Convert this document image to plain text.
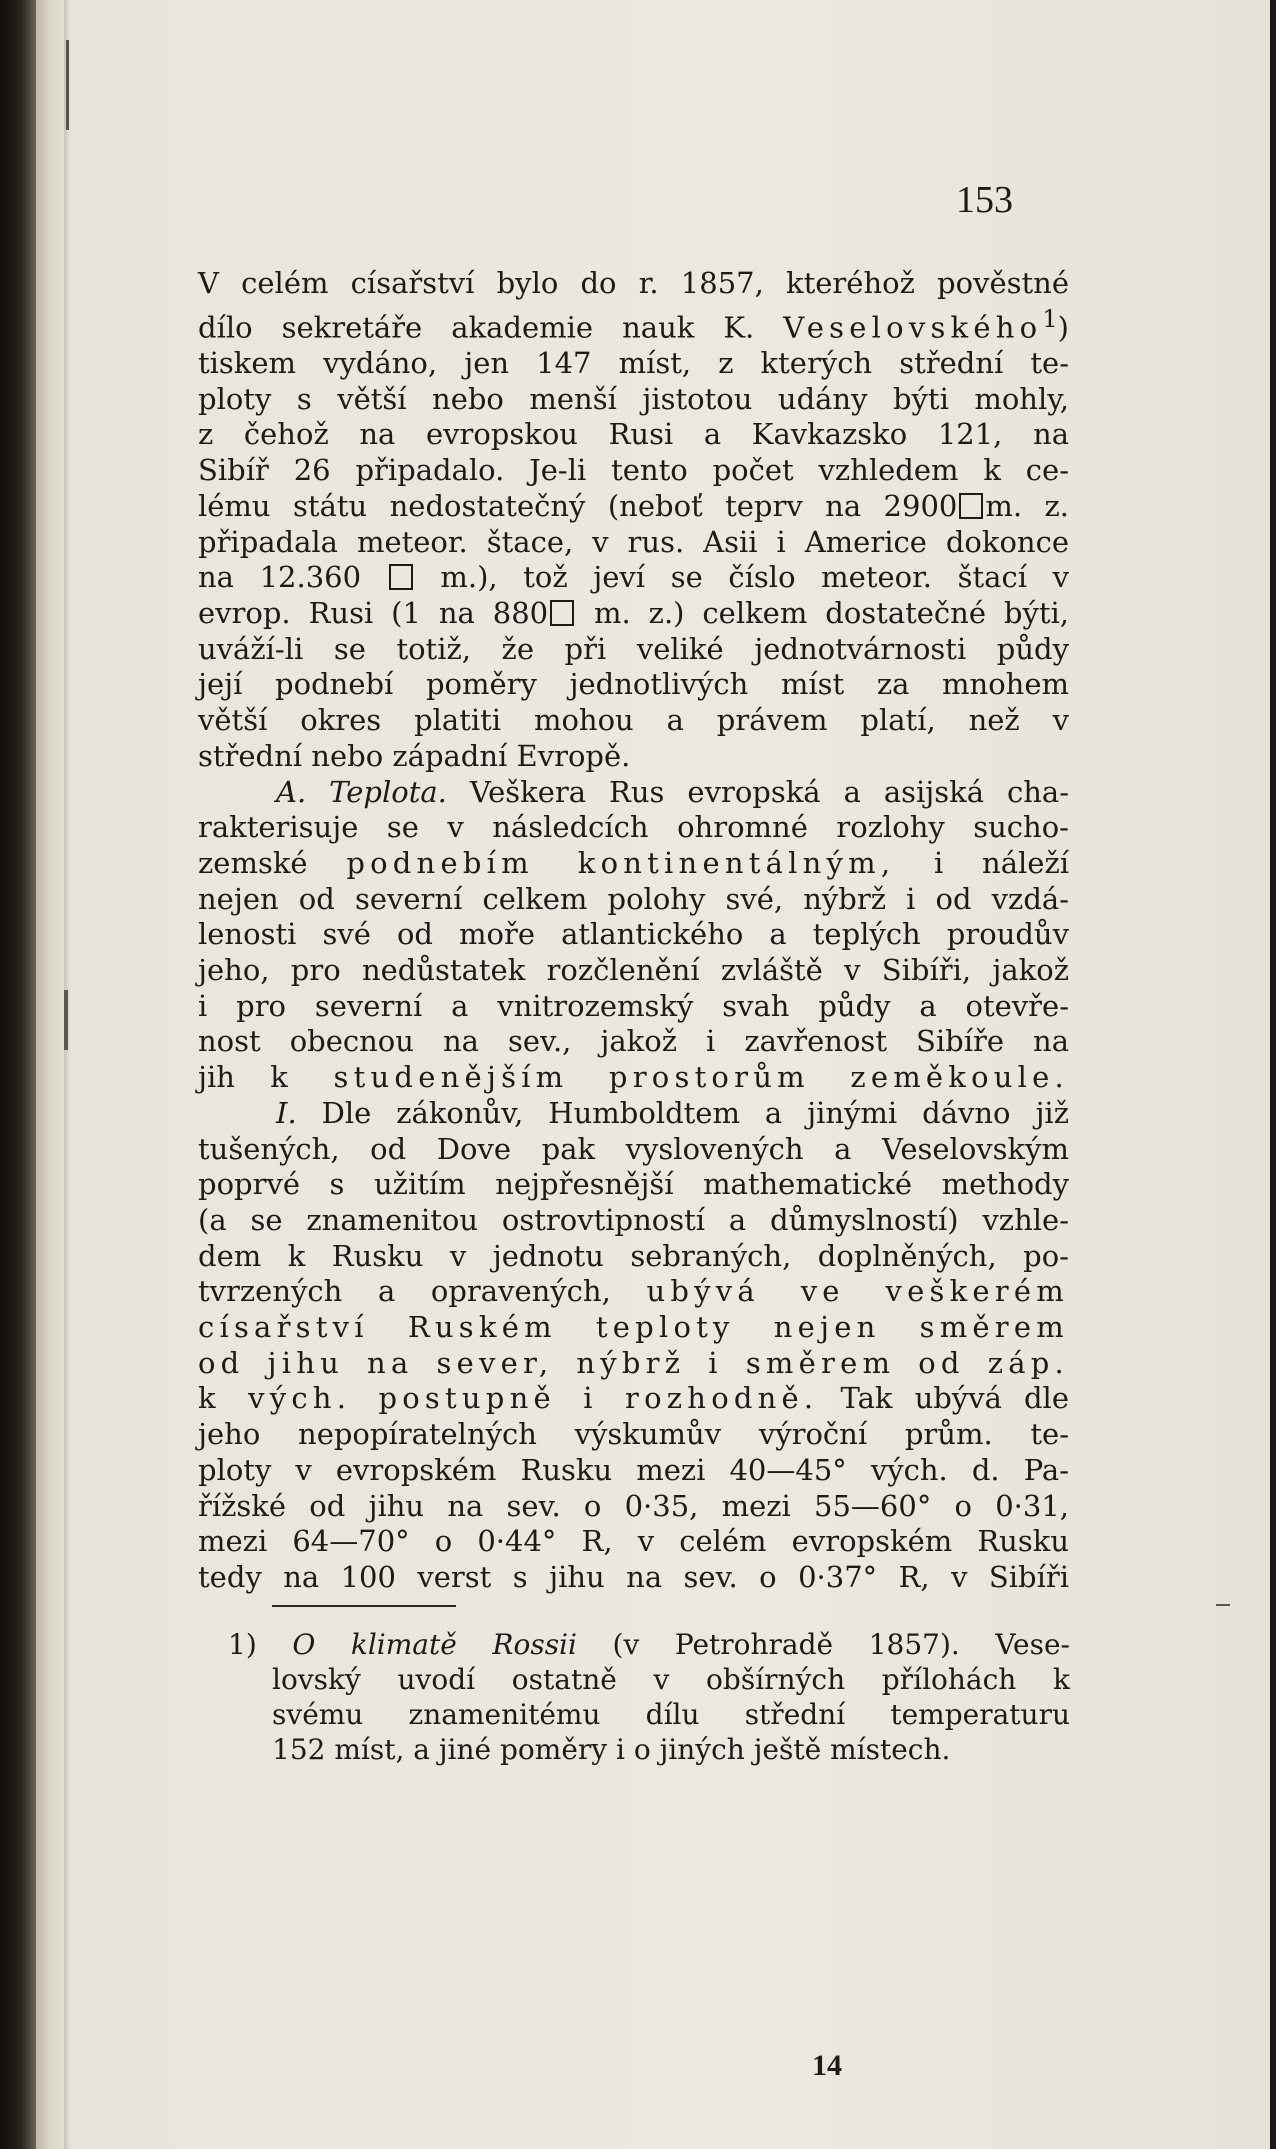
153
V celém císařství bylo do r. 1857, kteréhož pověstné
dílo sekretáře akademie nauk K. Veselovského$^1$)
tiskem vydáno, jen 147 míst, z kterých střední te-
ploty s větší nebo menší jistotou udány býti mohly,
z čehož na evropskou Rusi a Kavkazsko 121, na
Sibíř 26 připadalo. Je-li tento počet vzhledem k ce-
lému státu nedostatečný (neboť teprv na 2900 m. z.
připadala meteor. štace, v rus. Asii i Americe dokonce
na 12.360	m.), tož jeví se číslo meteor. štací v
evrop. Rusi (1 na 880 m. z.) celkem dostatečné býti,
uváží-li se totiž, že při veliké jednotvárnosti půdy
její podnebí poměry jednotlivých míst za mnohem
větší okres platiti mohou a právem platí, než v
střední nebo západní Evropě.
A. Teplota. Veškera Rus evropská a asijská cha-
rakterisuje se v následcích ohromné rozlohy sucho-
zemské podnebím kontinentálným, i náleží
nejen od severní celkem polohy své, nýbrž i od vzdá-
lenosti své od moře atlantického a teplých proudův
jeho, pro nedůstatek rozčlenění zvláště v Sibíři, jakož
i pro severní a vnitrozemský svah půdy a otevře-
nost obecnou na sev., jakož i zavřenost Sibíře na
jih k studenějším prostorům zeměkoule.
I. Dle zákonův, Humboldtem a jinými dávno již
tušených, od Dove pak vyslovených a Veselovským
poprvé s užitím nejpřesnější mathematické methody
(a se znamenitou ostrovtipností a důmyslností) vzhle-
dem k Rusku v jednotu sebraných, doplněných, po-
tvrzených a opravených, ubývá ve veškerém
císařství Ruském teploty nejen směrem
od jihu na sever, nýbrž i směrem od záp.
k vých. postupně i rozhodně. Tak ubývá dle
jeho nepopíratelných výskumův výroční prům. te-
ploty v evropském Rusku mezi 40—45° vých. d. Pa-
řížské od jihu na sev. o 0·35, mezi 55—60° o 0·31,
mezi 64—70° o 0·44° R, v celém evropském Rusku
tedy na 100 verst s jihu na sev. o 0·37° R, v Sibíři
1) O klimatě Rossii (v Petrohradě 1857). Vese-
lovský uvodí ostatně v obšírných přílohách k
svému znamenitému dílu střední temperaturu
152 míst, a jiné poměry i o jiných ještě místech.
14
